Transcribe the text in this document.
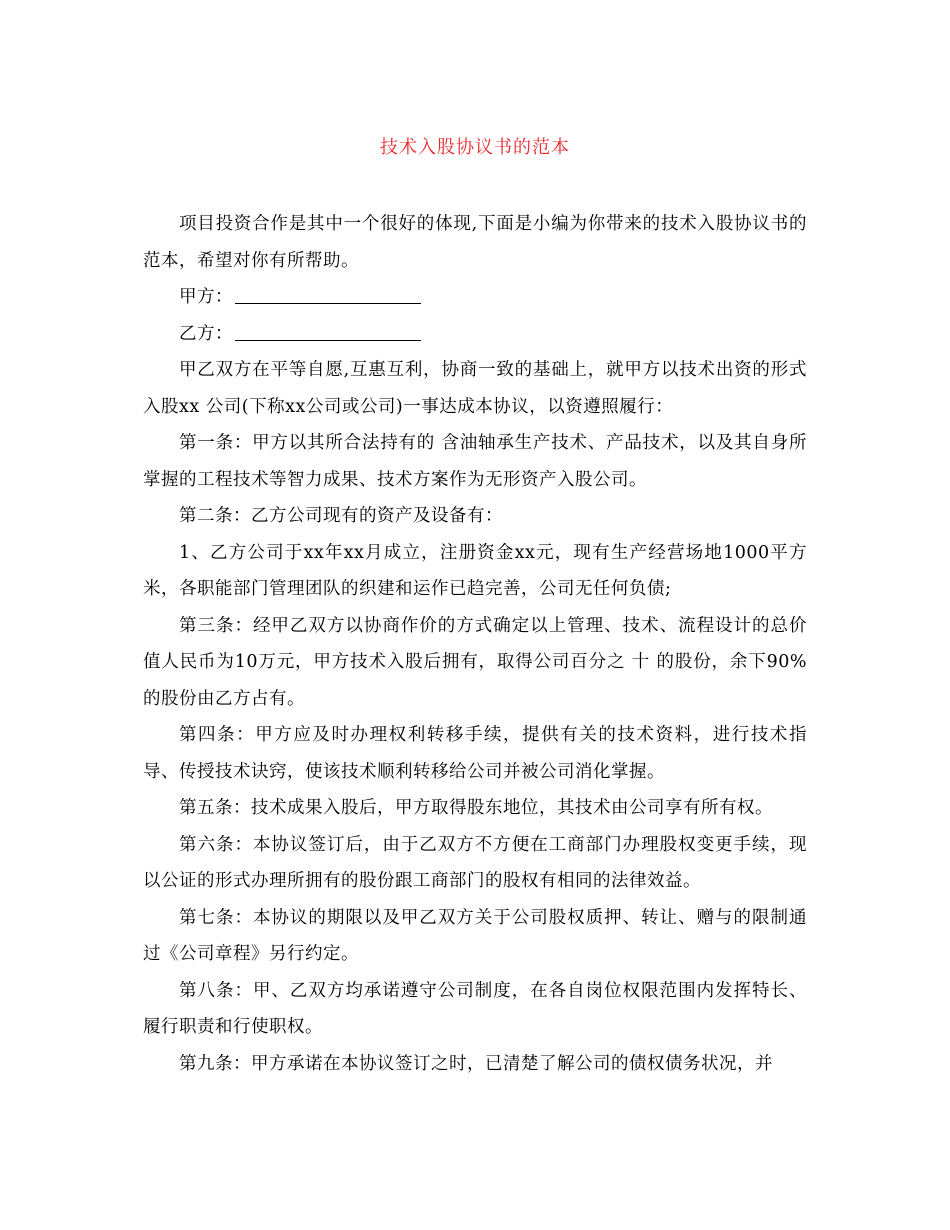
技术入股协议书的范本

项目投资合作是其中一个很好的体现,下面是小编为你带来的技术入股协议书的范本，希望对你有所帮助。

甲方：

乙方：

甲乙双方在平等自愿,互惠互利，协商一致的基础上，就甲方以技术出资的形式入股xx 公司(下称xx公司或公司)一事达成本协议，以资遵照履行：

第一条：甲方以其所合法持有的 含油轴承生产技术、产品技术，以及其自身所掌握的工程技术等智力成果、技术方案作为无形资产入股公司。

第二条：乙方公司现有的资产及设备有：

1、乙方公司于xx年xx月成立，注册资金xx元，现有生产经营场地1000平方米，各职能部门管理团队的织建和运作已趋完善，公司无任何负债;

第三条：经甲乙双方以协商作价的方式确定以上管理、技术、流程设计的总价值人民币为10万元，甲方技术入股后拥有，取得公司百分之 十 的股份，余下90%的股份由乙方占有。

第四条：甲方应及时办理权利转移手续，提供有关的技术资料，进行技术指导、传授技术诀窍，使该技术顺利转移给公司并被公司消化掌握。

第五条：技术成果入股后，甲方取得股东地位，其技术由公司享有所有权。

第六条：本协议签订后，由于乙双方不方便在工商部门办理股权变更手续，现以公证的形式办理所拥有的股份跟工商部门的股权有相同的法律效益。

第七条：本协议的期限以及甲乙双方关于公司股权质押、转让、赠与的限制通过《公司章程》另行约定。

第八条：甲、乙双方均承诺遵守公司制度，在各自岗位权限范围内发挥特长、履行职责和行使职权。

第九条：甲方承诺在本协议签订之时，已清楚了解公司的债权债务状况，并
